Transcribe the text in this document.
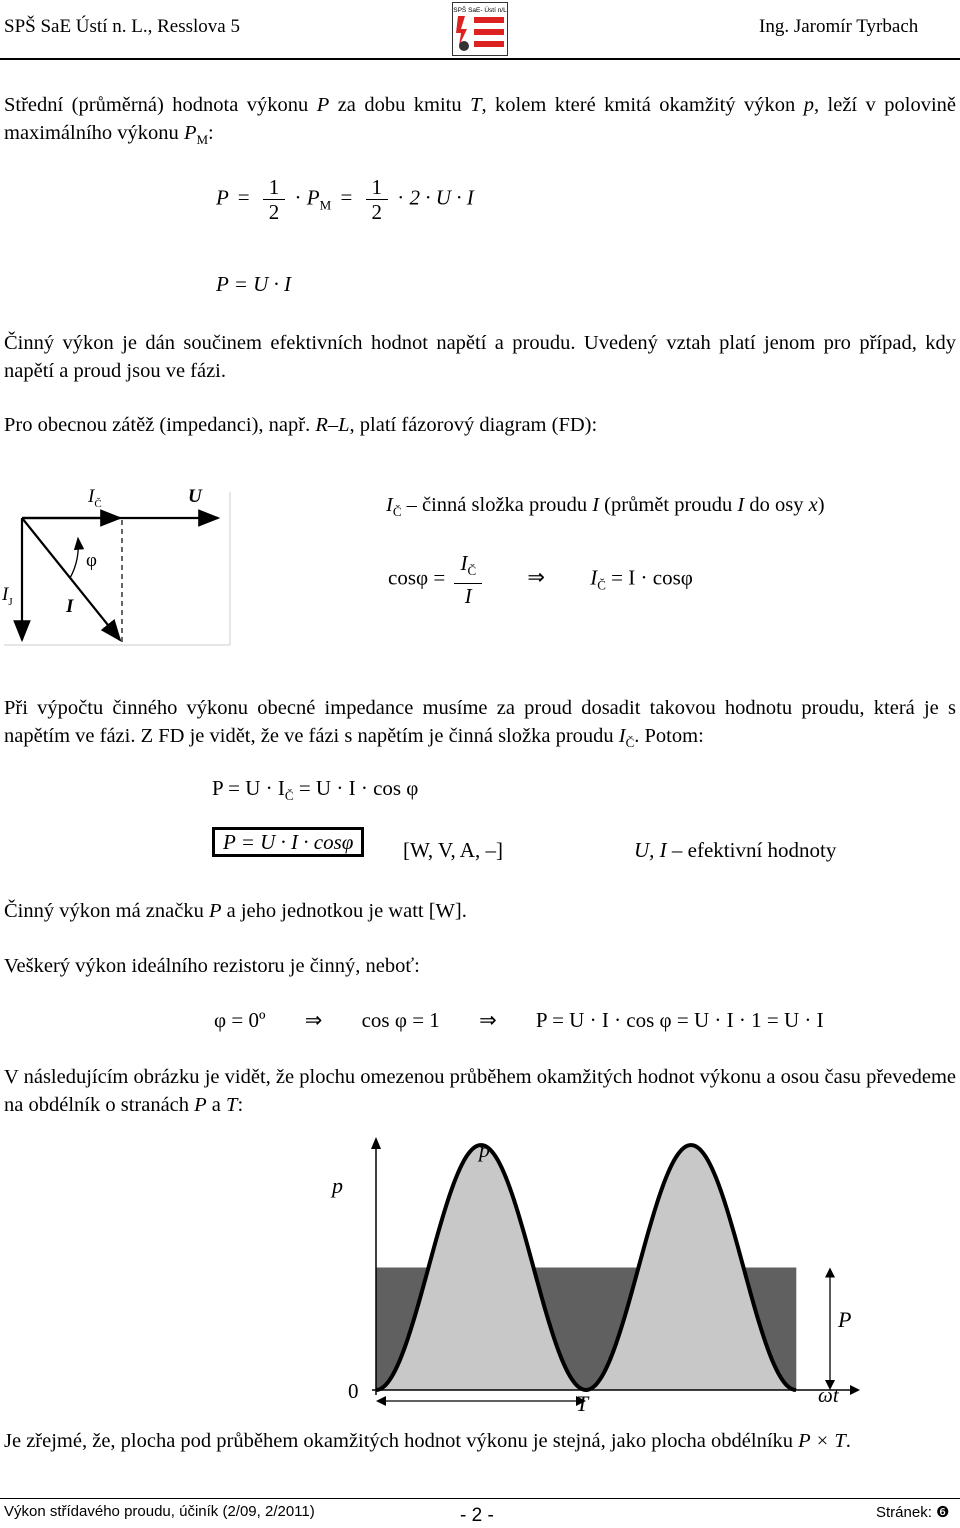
SPŠ SaE Ústí n. L., Resslova 5
SPŠ SaE- Ústí n/L
Ing. Jaromír Tyrbach
Střední (průměrná) hodnota výkonu P za dobu kmitu T, kolem které kmitá okamžitý výkon p, leží v polovině maximálního výkonu $P_M$:
$P = \frac{1}{2} \cdot P_M = \frac{1}{2} \cdot 2 \cdot U \cdot I$
P = U · I
Činný výkon je dán součinem efektivních hodnot napětí a proudu. Uvedený vztah platí jenom pro případ, kdy napětí a proud jsou ve fázi.
Pro obecnou zátěž (impedanci), např. R–L, platí fázorový diagram (FD):
$I_Č$	U
φ
$I_J$	I
$I_Č$ – činná složka proudu I (průmět proudu I do osy x)
$\cos\varphi = \frac{I_Č}{I}$ ⇒ $I_Č = I \cdot \cos\varphi$
Při výpočtu činného výkonu obecné impedance musíme za proud dosadit takovou hodnotu proudu, která je s napětím ve fázi. Z FD je vidět, že ve fázi s napětím je činná složka proudu $I_Č$. Potom:
$P = U \cdot I_Č = U \cdot I \cdot \cos \varphi$
P = U · I · cosφ	[W, V, A, –]	U, I – efektivní hodnoty
Činný výkon má značku P a jeho jednotkou je watt [W].
Veškerý výkon ideálního rezistoru je činný, neboť:
φ = 0º ⇒ cos φ = 1 ⇒ P = U · I · cos φ = U · I · 1 = U · I
V následujícím obrázku je vidět, že plochu omezenou průběhem okamžitých hodnot výkonu a osou času převedeme na obdélník o stranách P a T:
p
p
P
0	T	ωt
Je zřejmé, že, plocha pod průběhem okamžitých hodnot výkonu je stejná, jako plocha obdélníku P × T.
Výkon střídavého proudu, účiník (2/09, 2/2011)	- 2 -	Stránek: ❻
